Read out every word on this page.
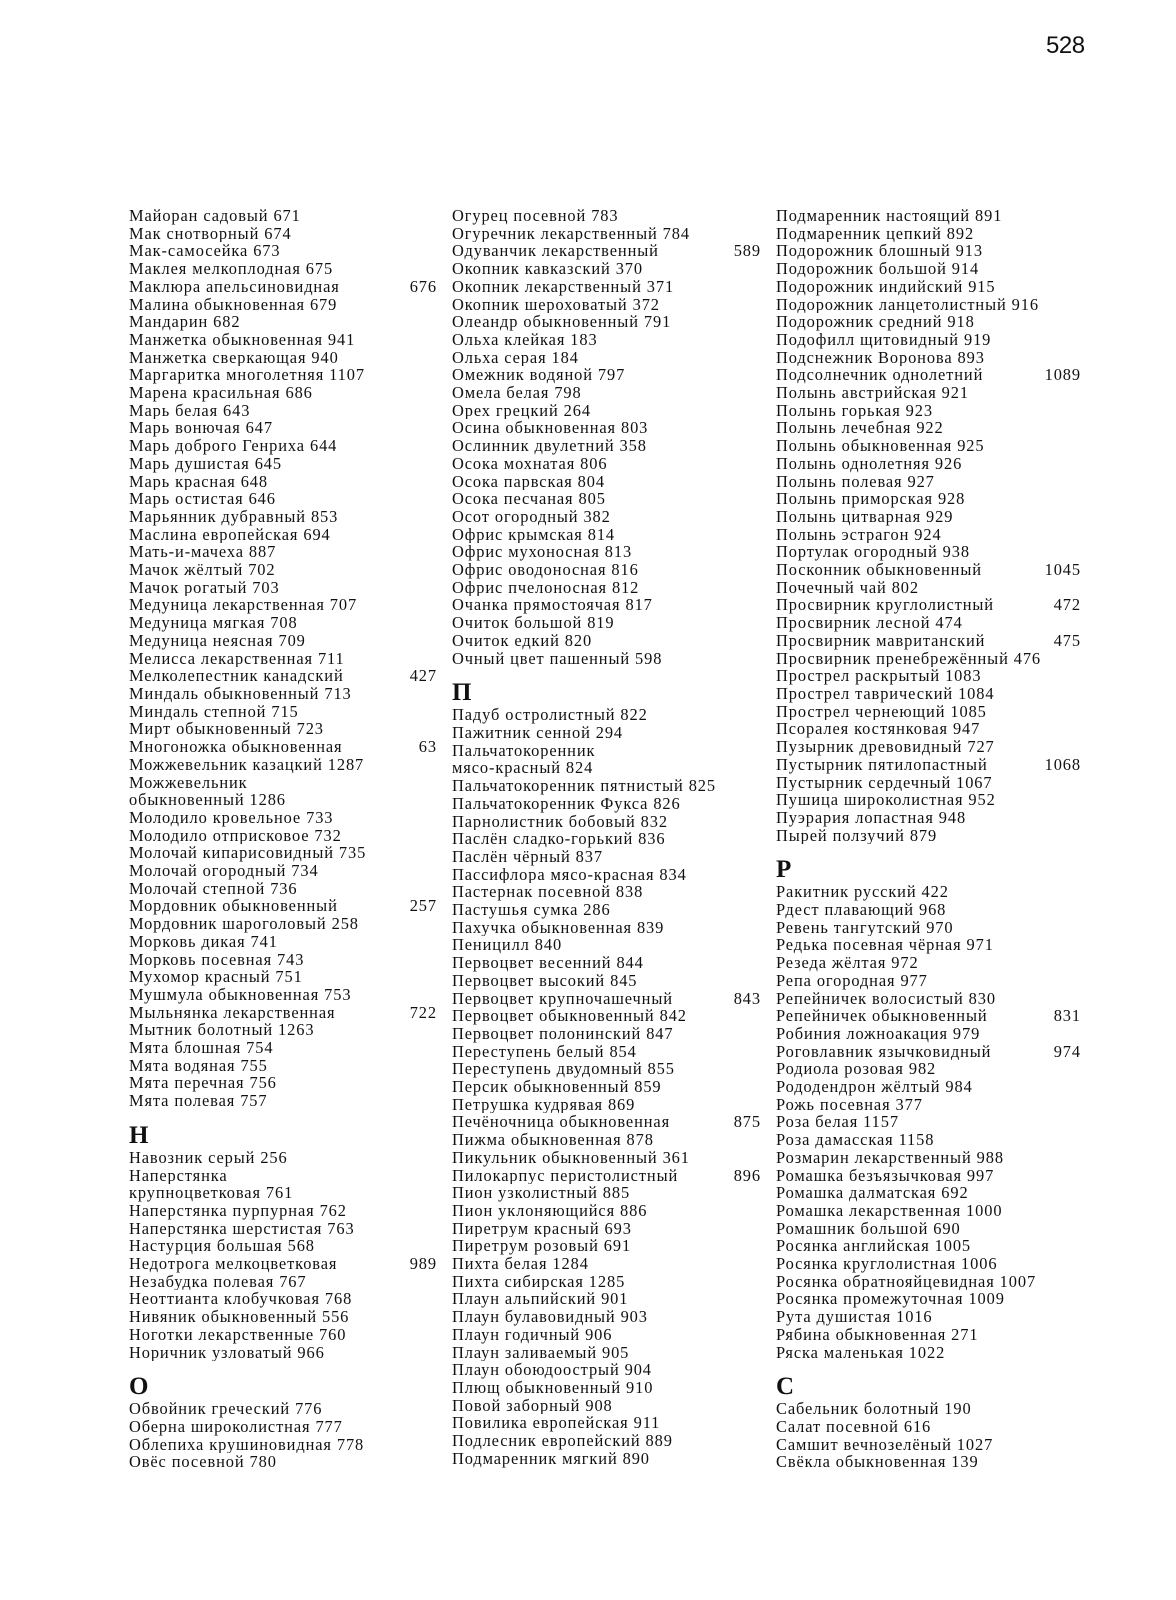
528
Майоран садовый 671
Мак снотворный 674
Мак-самосейка 673
Маклея мелкоплодная 675
Маклюра апельсиновидная	676
Малина обыкновенная 679
Мандарин 682
Манжетка обыкновенная 941
Манжетка сверкающая 940
Маргаритка многолетняя 1107
Марена красильная 686
Марь белая 643
Марь вонючая 647
Марь доброго Генриха 644
Марь душистая 645
Марь красная 648
Марь остистая 646
Марьянник дубравный 853
Маслина европейская 694
Мать-и-мачеха 887
Мачок жёлтый 702
Мачок рогатый 703
Медуница лекарственная 707
Медуница мягкая 708
Медуница неясная 709
Мелисса лекарственная 711
Мелколепестник канадский	427
Миндаль обыкновенный 713
Миндаль степной 715
Мирт обыкновенный 723
Многоножка обыкновенная	63
Можжевельник казацкий 1287
Можжевельник
обыкновенный 1286
Молодило кровельное 733
Молодило отприсковое 732
Молочай кипарисовидный 735
Молочай огородный 734
Молочай степной 736
Мордовник обыкновенный	257
Мордовник шароголовый 258
Морковь дикая 741
Морковь посевная 743
Мухомор красный 751
Мушмула обыкновенная 753
Мыльнянка лекарственная	722
Мытник болотный 1263
Мята блошная 754
Мята водяная 755
Мята перечная 756
Мята полевая 757
Н
Навозник серый 256
Наперстянка
крупноцветковая 761
Наперстянка пурпурная 762
Наперстянка шерстистая 763
Настурция большая 568
Недотрога мелкоцветковая	989
Незабудка полевая 767
Неоттианта клобучковая 768
Нивяник обыкновенный 556
Ноготки лекарственные 760
Норичник узловатый 966
О
Обвойник греческий 776
Оберна широколистная 777
Облепиха крушиновидная 778
Овёс посевной 780
Огурец посевной 783
Огуречник лекарственный 784
Одуванчик лекарственный	589
Окопник кавказский 370
Окопник лекарственный 371
Окопник шероховатый 372
Олеандр обыкновенный 791
Ольха клейкая 183
Ольха серая 184
Омежник водяной 797
Омела белая 798
Орех грецкий 264
Осина обыкновенная 803
Ослинник двулетний 358
Осока мохнатая 806
Осока парвская 804
Осока песчаная 805
Осот огородный 382
Офрис крымская 814
Офрис мухоносная 813
Офрис оводоносная 816
Офрис пчелоносная 812
Очанка прямостоячая 817
Очиток большой 819
Очиток едкий 820
Очный цвет пашенный 598
П
Падуб остролистный 822
Пажитник сенной 294
Пальчатокоренник
мясо-красный 824
Пальчатокоренник пятнистый 825
Пальчатокоренник Фукса 826
Парнолистник бобовый 832
Паслён сладко-горький 836
Паслён чёрный 837
Пассифлора мясо-красная 834
Пастернак посевной 838
Пастушья сумка 286
Пахучка обыкновенная 839
Пеницилл 840
Первоцвет весенний 844
Первоцвет высокий 845
Первоцвет крупночашечный	843
Первоцвет обыкновенный 842
Первоцвет полонинский 847
Переступень белый 854
Переступень двудомный 855
Персик обыкновенный 859
Петрушка кудрявая 869
Печёночница обыкновенная	875
Пижма обыкновенная 878
Пикульник обыкновенный 361
Пилокарпус перистолистный	896
Пион узколистный 885
Пион уклоняющийся 886
Пиретрум красный 693
Пиретрум розовый 691
Пихта белая 1284
Пихта сибирская 1285
Плаун альпийский 901
Плаун булавовидный 903
Плаун годичный 906
Плаун заливаемый 905
Плаун обоюдоострый 904
Плющ обыкновенный 910
Повой заборный 908
Повилика европейская 911
Подлесник европейский 889
Подмаренник мягкий 890
Подмаренник настоящий 891
Подмаренник цепкий 892
Подорожник блошный 913
Подорожник большой 914
Подорожник индийский 915
Подорожник ланцетолистный 916
Подорожник средний 918
Подофилл щитовидный 919
Подснежник Воронова 893
Подсолнечник однолетний	1089
Полынь австрийская 921
Полынь горькая 923
Полынь лечебная 922
Полынь обыкновенная 925
Полынь однолетняя 926
Полынь полевая 927
Полынь приморская 928
Полынь цитварная 929
Полынь эстрагон 924
Портулак огородный 938
Посконник обыкновенный	1045
Почечный чай 802
Просвирник круглолистный	472
Просвирник лесной 474
Просвирник мавританский	475
Просвирник пренебрежённый 476
Прострел раскрытый 1083
Прострел таврический 1084
Прострел чернеющий 1085
Псоралея костянковая 947
Пузырник древовидный 727
Пустырник пятилопастный	1068
Пустырник сердечный 1067
Пушица широколистная 952
Пуэрария лопастная 948
Пырей ползучий 879
Р
Ракитник русский 422
Рдест плавающий 968
Ревень тангутский 970
Редька посевная чёрная 971
Резеда жёлтая 972
Репа огородная 977
Репейничек волосистый 830
Репейничек обыкновенный	831
Робиния ложноакация 979
Роговлавник язычковидный	974
Родиола розовая 982
Рододендрон жёлтый 984
Рожь посевная 377
Роза белая 1157
Роза дамасская 1158
Розмарин лекарственный 988
Ромашка безъязычковая 997
Ромашка далматская 692
Ромашка лекарственная 1000
Ромашник большой 690
Росянка английская 1005
Росянка круглолистная 1006
Росянка обратнояйцевидная 1007
Росянка промежуточная 1009
Рута душистая 1016
Рябина обыкновенная 271
Ряска маленькая 1022
С
Сабельник болотный 190
Салат посевной 616
Самшит вечнозелёный 1027
Свёкла обыкновенная 139
